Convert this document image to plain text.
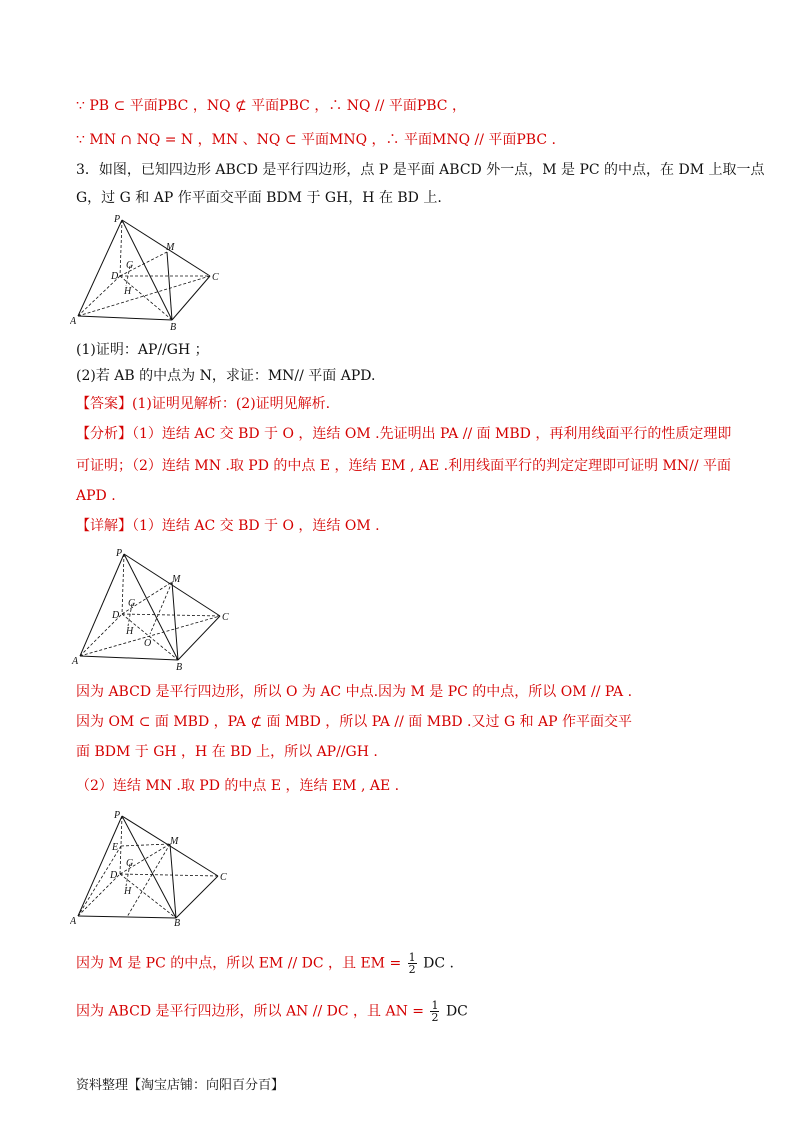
∵ PB ⊂ 平面PBC ，NQ ⊄ 平面PBC ，∴ NQ // 平面PBC ，
∵ MN ∩ NQ = N ，MN 、NQ ⊂ 平面MNQ ，∴ 平面MNQ // 平面PBC .
3．如图，已知四边形 ABCD 是平行四边形，点 P 是平面 ABCD 外一点，M 是 PC 的中点，在 DM 上取一点
G，过 G 和 AP 作平面交平面 BDM 于 GH，H 在 BD 上.
P
M
G
D
H
C
A
B
(1)证明：AP//GH ；
(2)若 AB 的中点为 N，求证：MN// 平面 APD.
【答案】(1)证明见解析：(2)证明见解析.
【分析】（1）连结 AC 交 BD 于 O ，连结 OM .先证明出 PA // 面 MBD ，再利用线面平行的性质定理即
可证明；（2）连结 MN .取 PD 的中点 E ，连结 EM , AE .利用线面平行的判定定理即可证明 MN// 平面
APD .
【详解】（1）连结 AC 交 BD 于 O ，连结 OM .
P
M
G
D
H
O
C
A
B
因为 ABCD 是平行四边形，所以 O 为 AC 中点.因为 M 是 PC 的中点，所以 OM // PA .
因为 OM ⊂ 面 MBD ，PA ⊄ 面 MBD ，所以 PA // 面 MBD .又过 G 和 AP 作平面交平
面 BDM 于 GH ，H 在 BD 上，所以 AP//GH .
（2）连结 MN .取 PD 的中点 E ，连结 EM , AE .
P
M
E
G
D
H
C
A	B
因为 M 是 PC 的中点，所以 EM // DC ，且 EM = $\frac{1}{2}$ DC .
因为 ABCD 是平行四边形，所以 AN // DC ，且 AN = $\frac{1}{2}$ DC
资料整理【淘宝店铺：向阳百分百】
